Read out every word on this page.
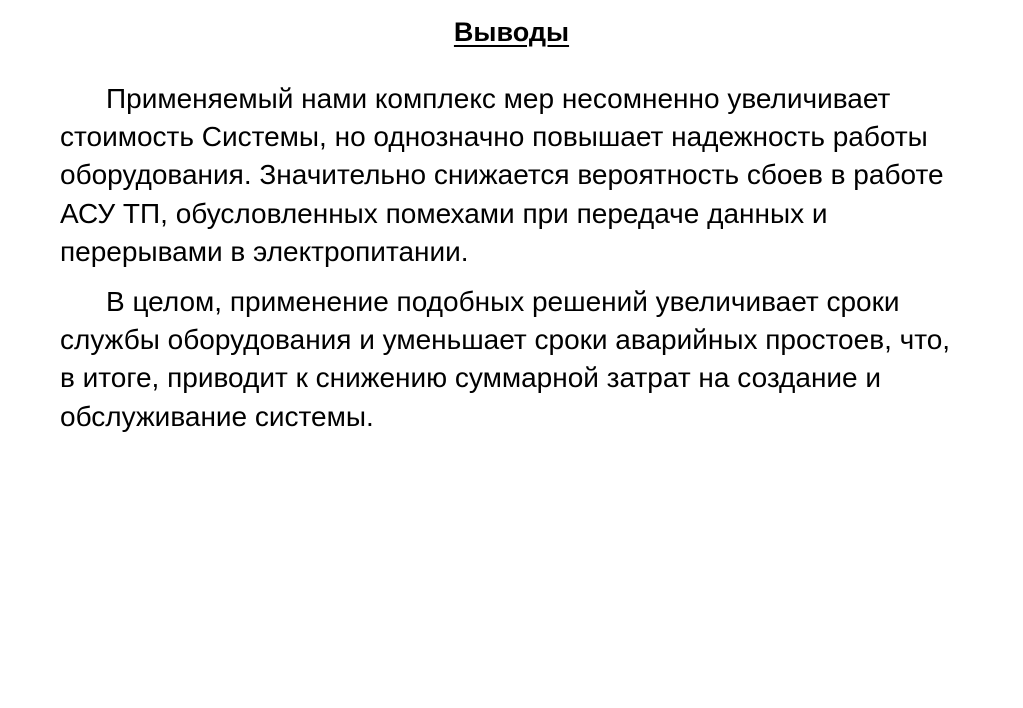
Выводы

Применяемый нами комплекс мер несомненно увеличивает стоимость Системы, но однозначно повышает надежность работы оборудования. Значительно снижается вероятность сбоев в работе АСУ ТП, обусловленных помехами при передаче данных и перерывами в электропитании.

В целом, применение подобных решений увеличивает сроки службы оборудования и уменьшает сроки аварийных простоев, что, в итоге, приводит к снижению суммарной затрат на создание и обслуживание системы.
